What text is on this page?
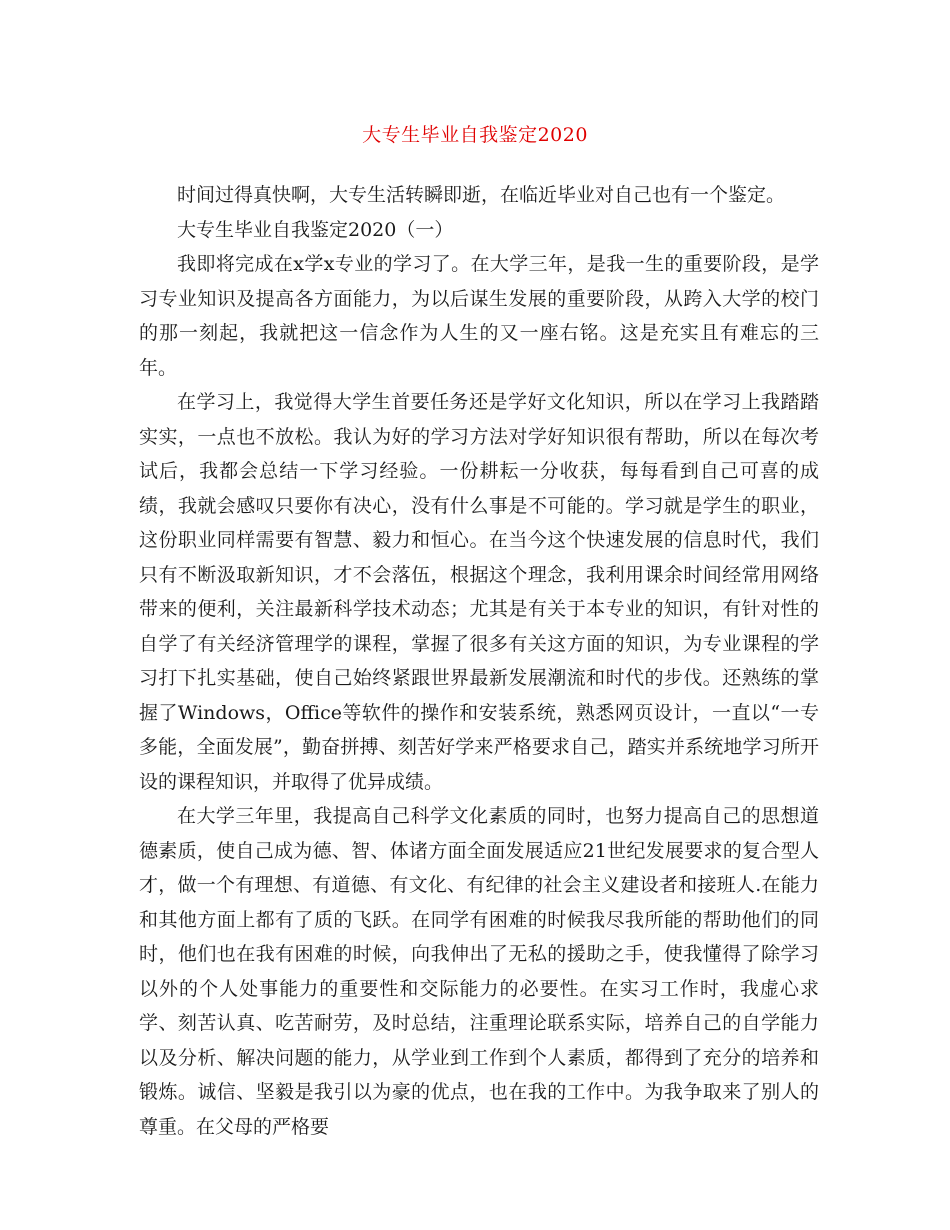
大专生毕业自我鉴定2020

时间过得真快啊，大专生活转瞬即逝，在临近毕业对自己也有一个鉴定。

大专生毕业自我鉴定2020（一）

我即将完成在x学x专业的学习了。在大学三年，是我一生的重要阶段，是学习专业知识及提高各方面能力，为以后谋生发展的重要阶段，从跨入大学的校门的那一刻起，我就把这一信念作为人生的又一座右铭。这是充实且有难忘的三年。

在学习上，我觉得大学生首要任务还是学好文化知识，所以在学习上我踏踏实实，一点也不放松。我认为好的学习方法对学好知识很有帮助，所以在每次考试后，我都会总结一下学习经验。一份耕耘一分收获，每每看到自己可喜的成绩，我就会感叹只要你有决心，没有什么事是不可能的。学习就是学生的职业，这份职业同样需要有智慧、毅力和恒心。在当今这个快速发展的信息时代，我们只有不断汲取新知识，才不会落伍，根据这个理念，我利用课余时间经常用网络带来的便利，关注最新科学技术动态；尤其是有关于本专业的知识，有针对性的自学了有关经济管理学的课程，掌握了很多有关这方面的知识，为专业课程的学习打下扎实基础，使自己始终紧跟世界最新发展潮流和时代的步伐。还熟练的掌握了Windows，Office等软件的操作和安装系统，熟悉网页设计，一直以“一专多能，全面发展”，勤奋拼搏、刻苦好学来严格要求自己，踏实并系统地学习所开设的课程知识，并取得了优异成绩。

在大学三年里，我提高自己科学文化素质的同时，也努力提高自己的思想道德素质，使自己成为德、智、体诸方面全面发展适应21世纪发展要求的复合型人才，做一个有理想、有道德、有文化、有纪律的社会主义建设者和接班人.在能力和其他方面上都有了质的飞跃。在同学有困难的时候我尽我所能的帮助他们的同时，他们也在我有困难的时候，向我伸出了无私的援助之手，使我懂得了除学习以外的个人处事能力的重要性和交际能力的必要性。在实习工作时，我虚心求学、刻苦认真、吃苦耐劳，及时总结，注重理论联系实际，培养自己的自学能力以及分析、解决问题的能力，从学业到工作到个人素质，都得到了充分的培养和锻炼。诚信、坚毅是我引以为豪的优点，也在我的工作中。为我争取来了别人的尊重。在父母的严格要
